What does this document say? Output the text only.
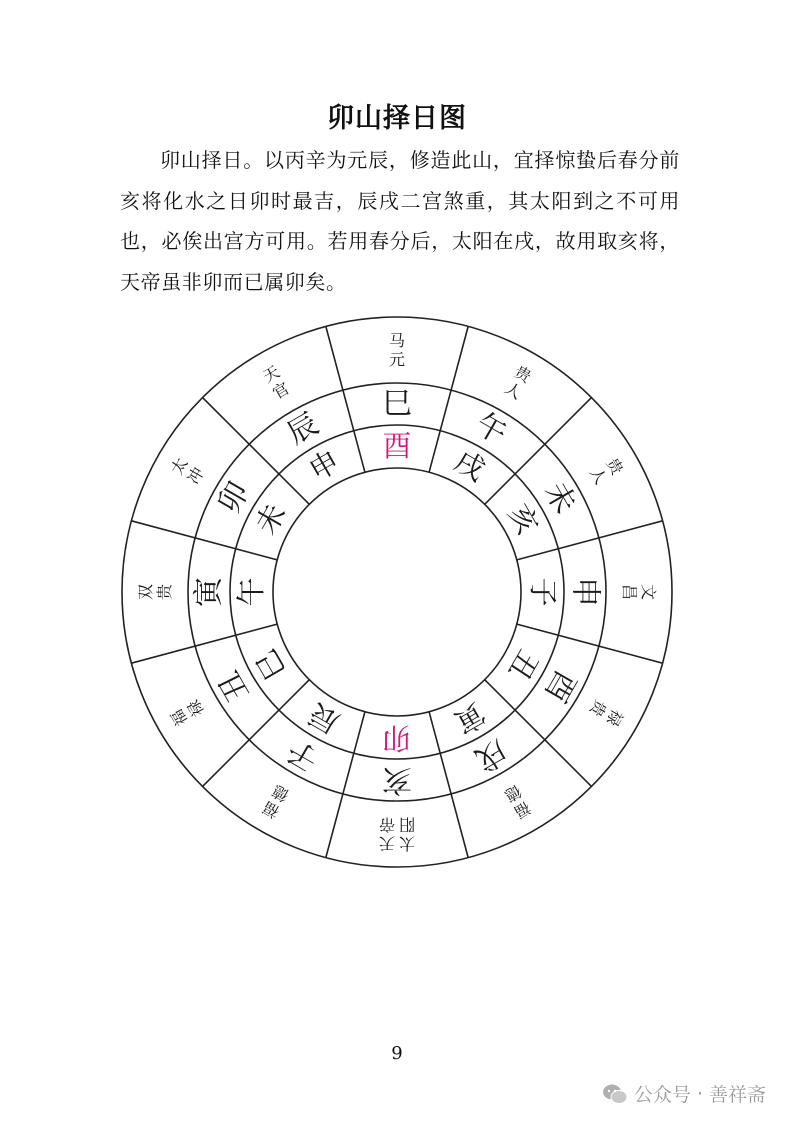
卯山择日图

卯山择日。以丙辛为元辰，修造此山，宜择惊蛰后春分前亥将化水之日卯时最吉，辰戌二宫煞重，其太阳到之不可用也，必俟出宫方可用。若用春分后，太阳在戌，故用取亥将，天帝虽非卯而已属卯矣。

马元
贵人
贵人
文昌
禄贵
福德
太阳天帝
福德
福禄
双贵
太冲
天官	巳
午
未
申
酉
戌
亥
子
丑
寅
卯
辰 酉 戌
亥
子
丑
寅
卯
辰
巳
午
未
申
9
公众号 · 善祥斋
